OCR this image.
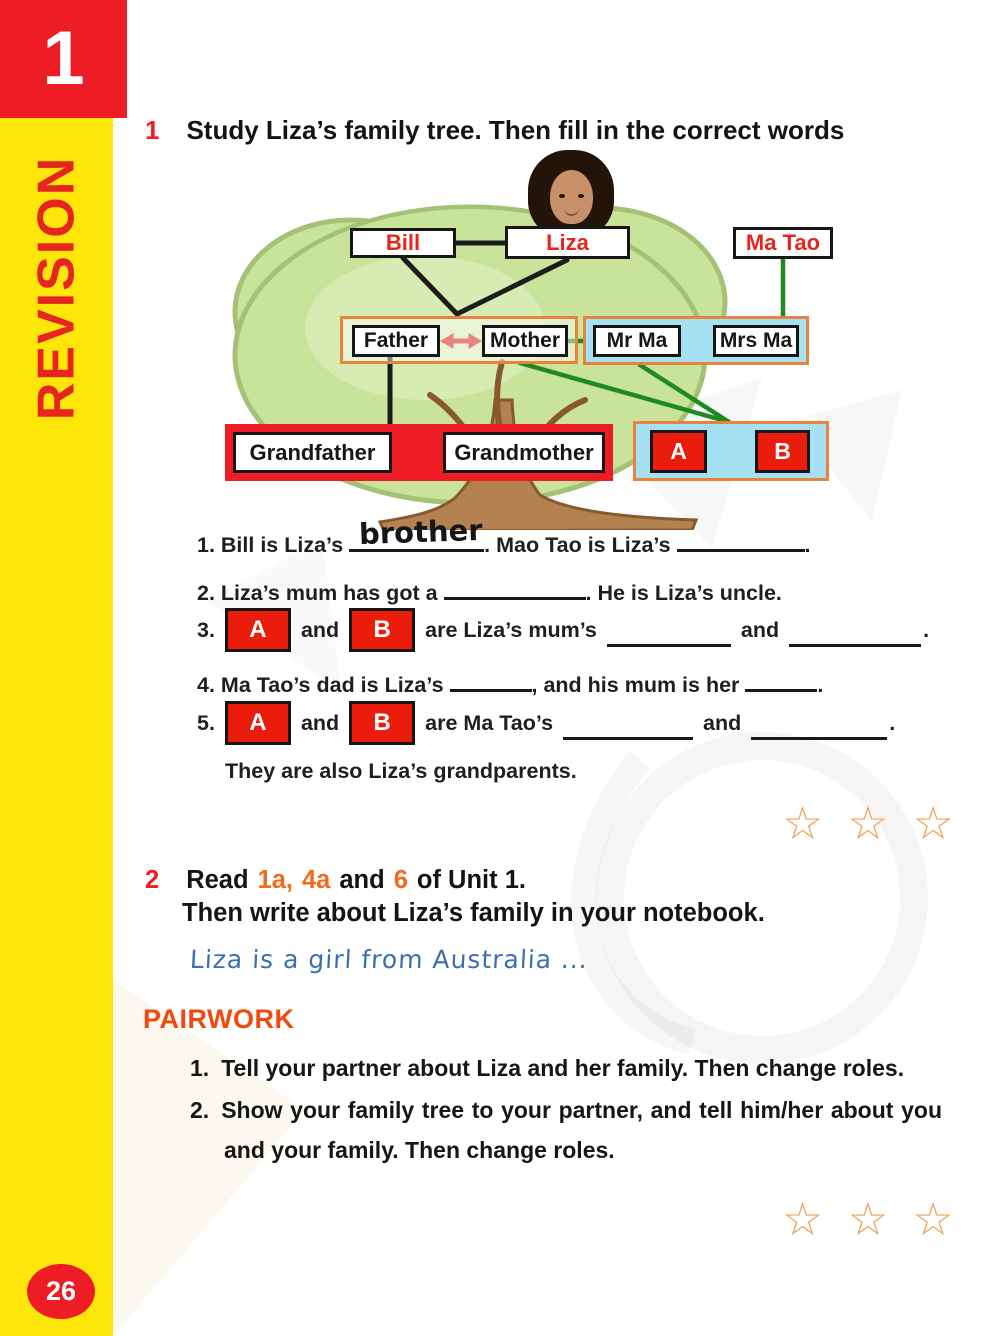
1
REVISION
26
1 Study Liza’s family tree. Then fill in the correct words
Bill	Liza	Ma Tao
Father	Mother	Mr Ma	Mrs Ma
Grandfather	Grandmother	A	B
1. Bill is Liza’s brother . Mao Tao is Liza’s	.
2. Liza’s mum has got a	. He is Liza’s uncle.
3.	A	and	B	are Liza’s mum’s	and	.
4. Ma Tao’s dad is Liza’s	, and his mum is her	.
5.	A	and	B	are Ma Tao’s	and	.
They are also Liza’s grandparents.
☆ ☆ ☆
2 Read 1a, 4a and 6 of Unit 1.
Then write about Liza’s family in your notebook.
Liza is a girl from Australia ...
PAIRWORK
1. Tell your partner about Liza and her family. Then change roles.
2. Show your family tree to your partner, and tell him/her about you and your family. Then change roles.
☆ ☆ ☆
